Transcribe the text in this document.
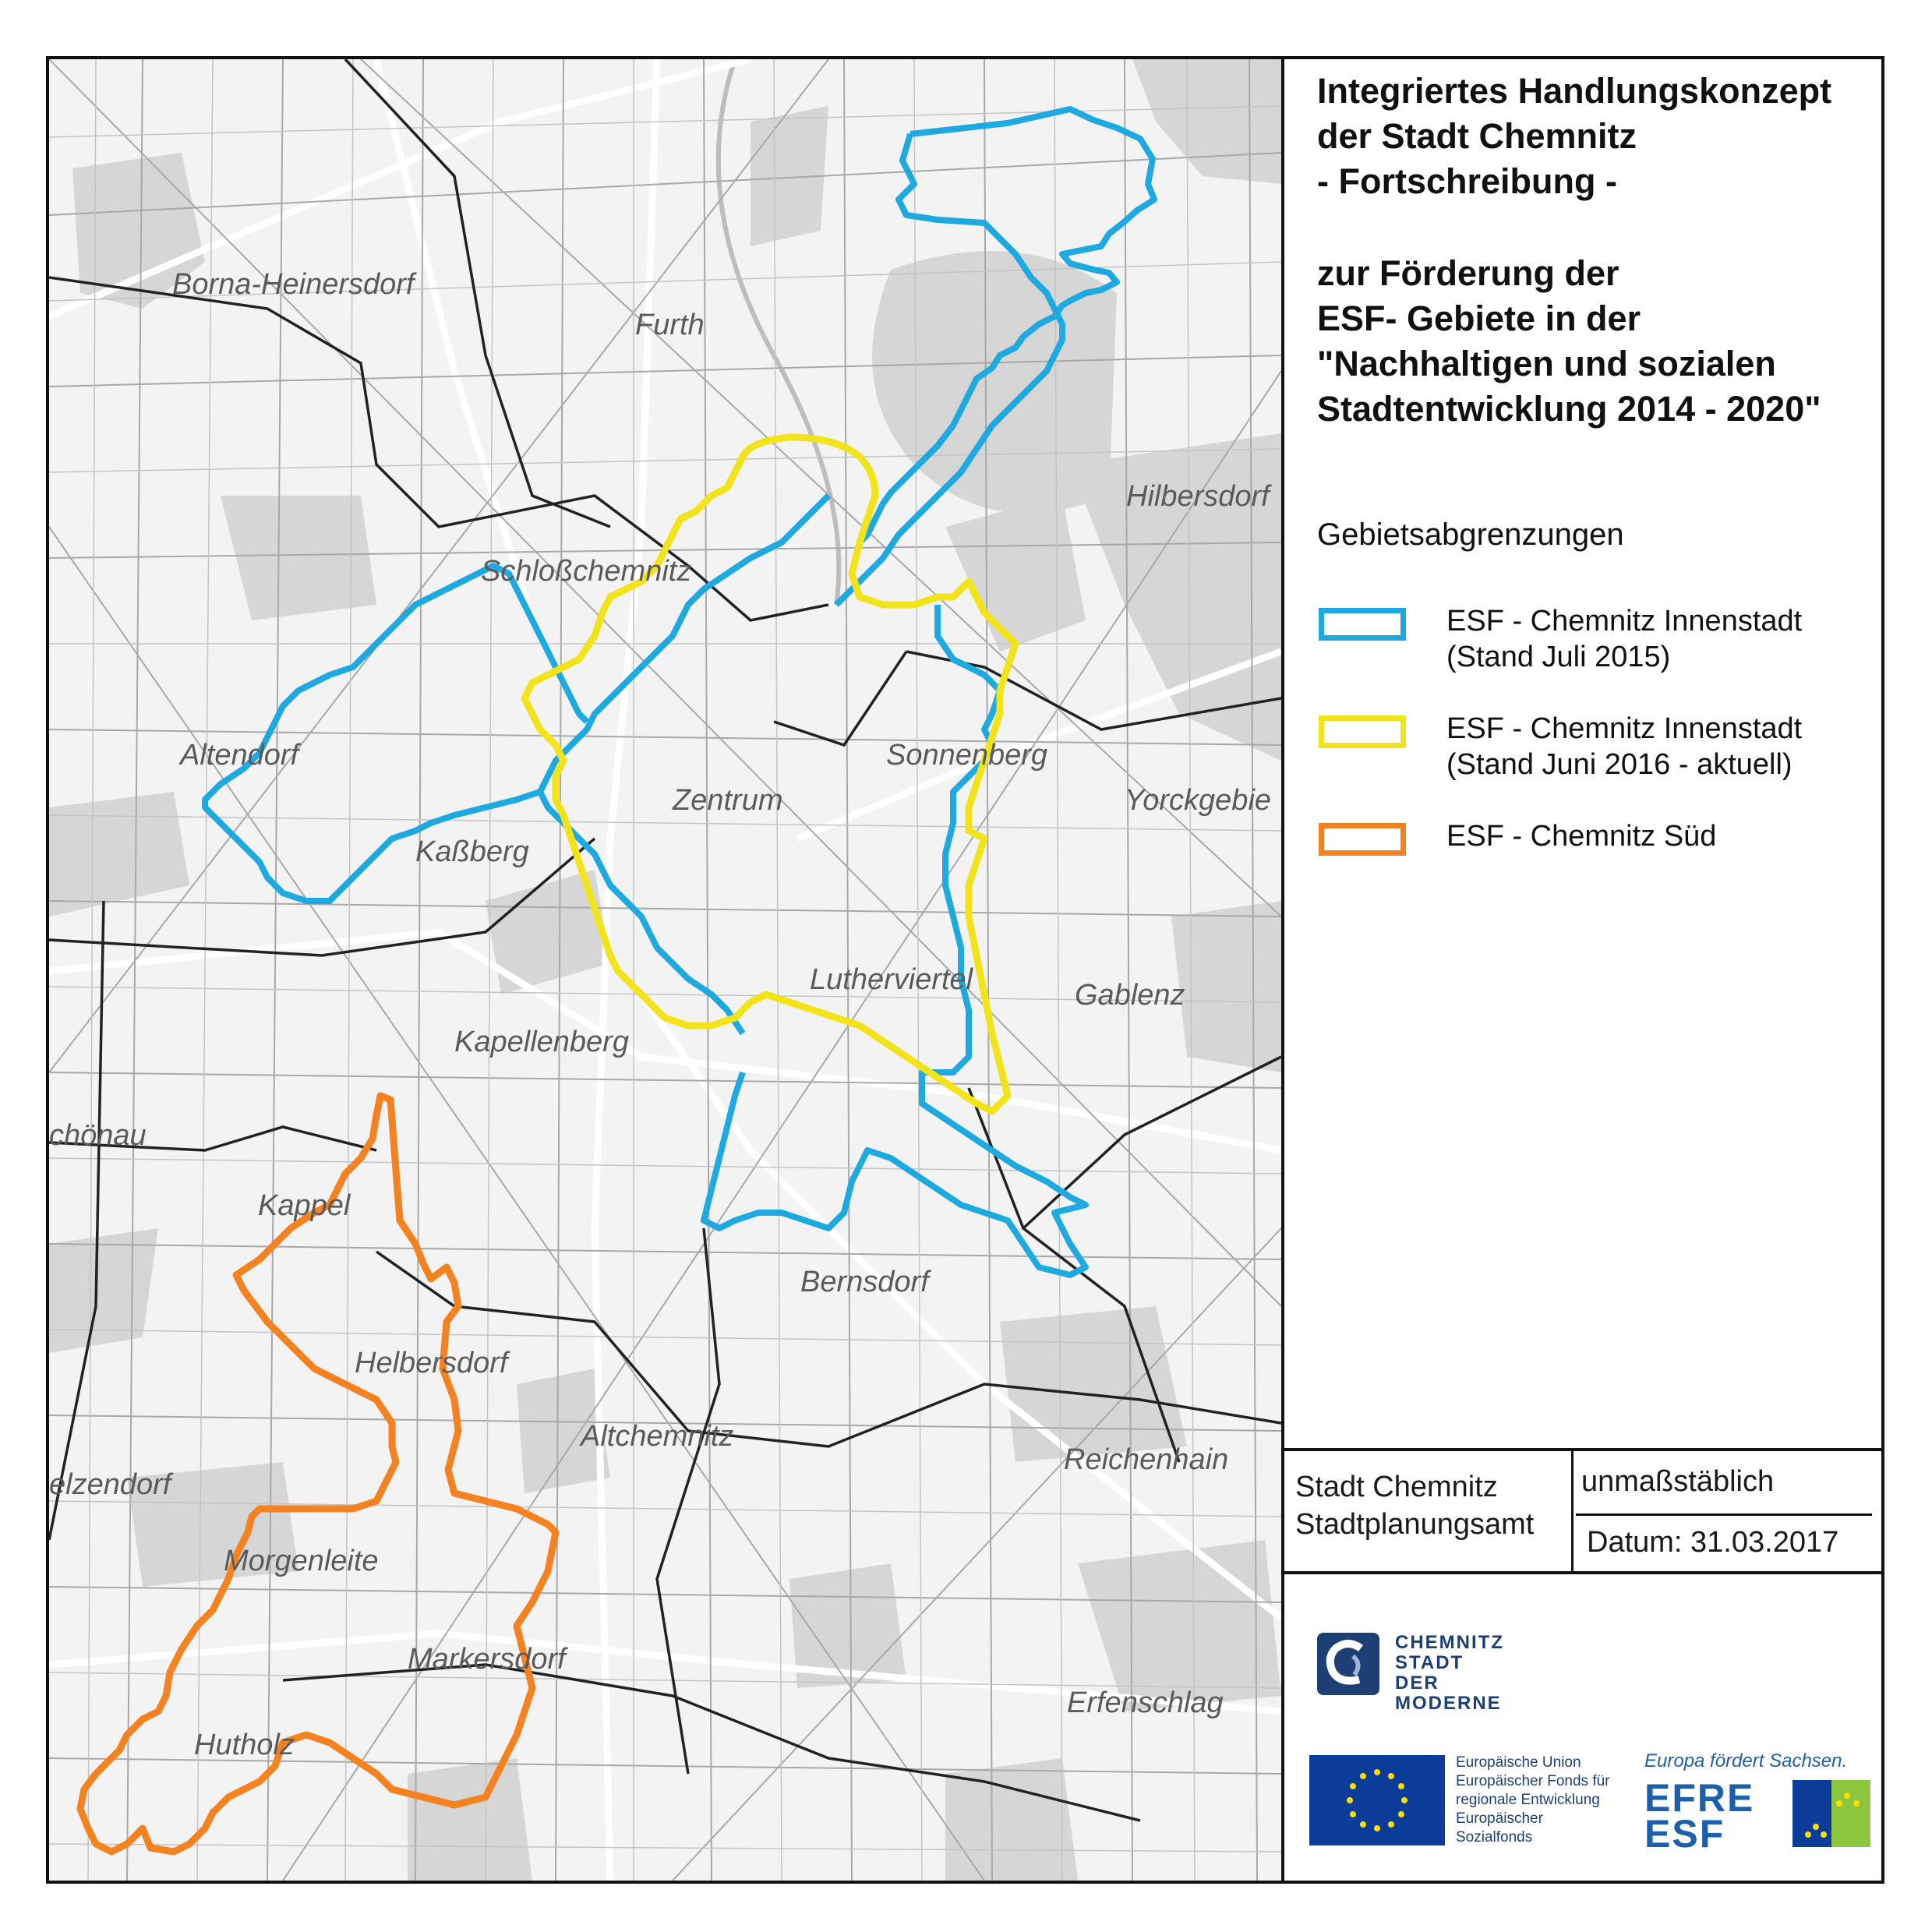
Borna-Heinersdorf
Furth
Hilbersdorf
Schloßchemnitz
Altendorf	Sonnenberg
Yorckgebie
Zentrum
Kaßberg
Lutherviertel	Gablenz
Kapellenberg
chönau
Kappel
Bernsdorf
Helbersdorf
Altchemnitz
Reichenhain
elzendorf
Morgenleite
Markersdorf
Erfenschlag
Hutholz

Integriertes Handlungskonzept

der Stadt Chemnitz

- Fortschreibung -

zur Förderung der

ESF- Gebiete in der

"Nachhaltigen und sozialen

Stadtentwicklung 2014 - 2020"

Gebietsabgrenzungen
ESF - Chemnitz Innenstadt
(Stand Juli 2015)
ESF - Chemnitz Innenstadt
(Stand Juni 2016 - aktuell)
ESF - Chemnitz Süd
Stadt Chemnitz
Stadtplanungsamt
unmaßstäblich
Datum: 31.03.2017
CHEMNITZ
STADT DER
MODERNE
Europäische Union
Europäischer Fonds für
regionale Entwicklung
Europäischer
Sozialfonds
Europa fördert Sachsen.
EFRE
ESF
